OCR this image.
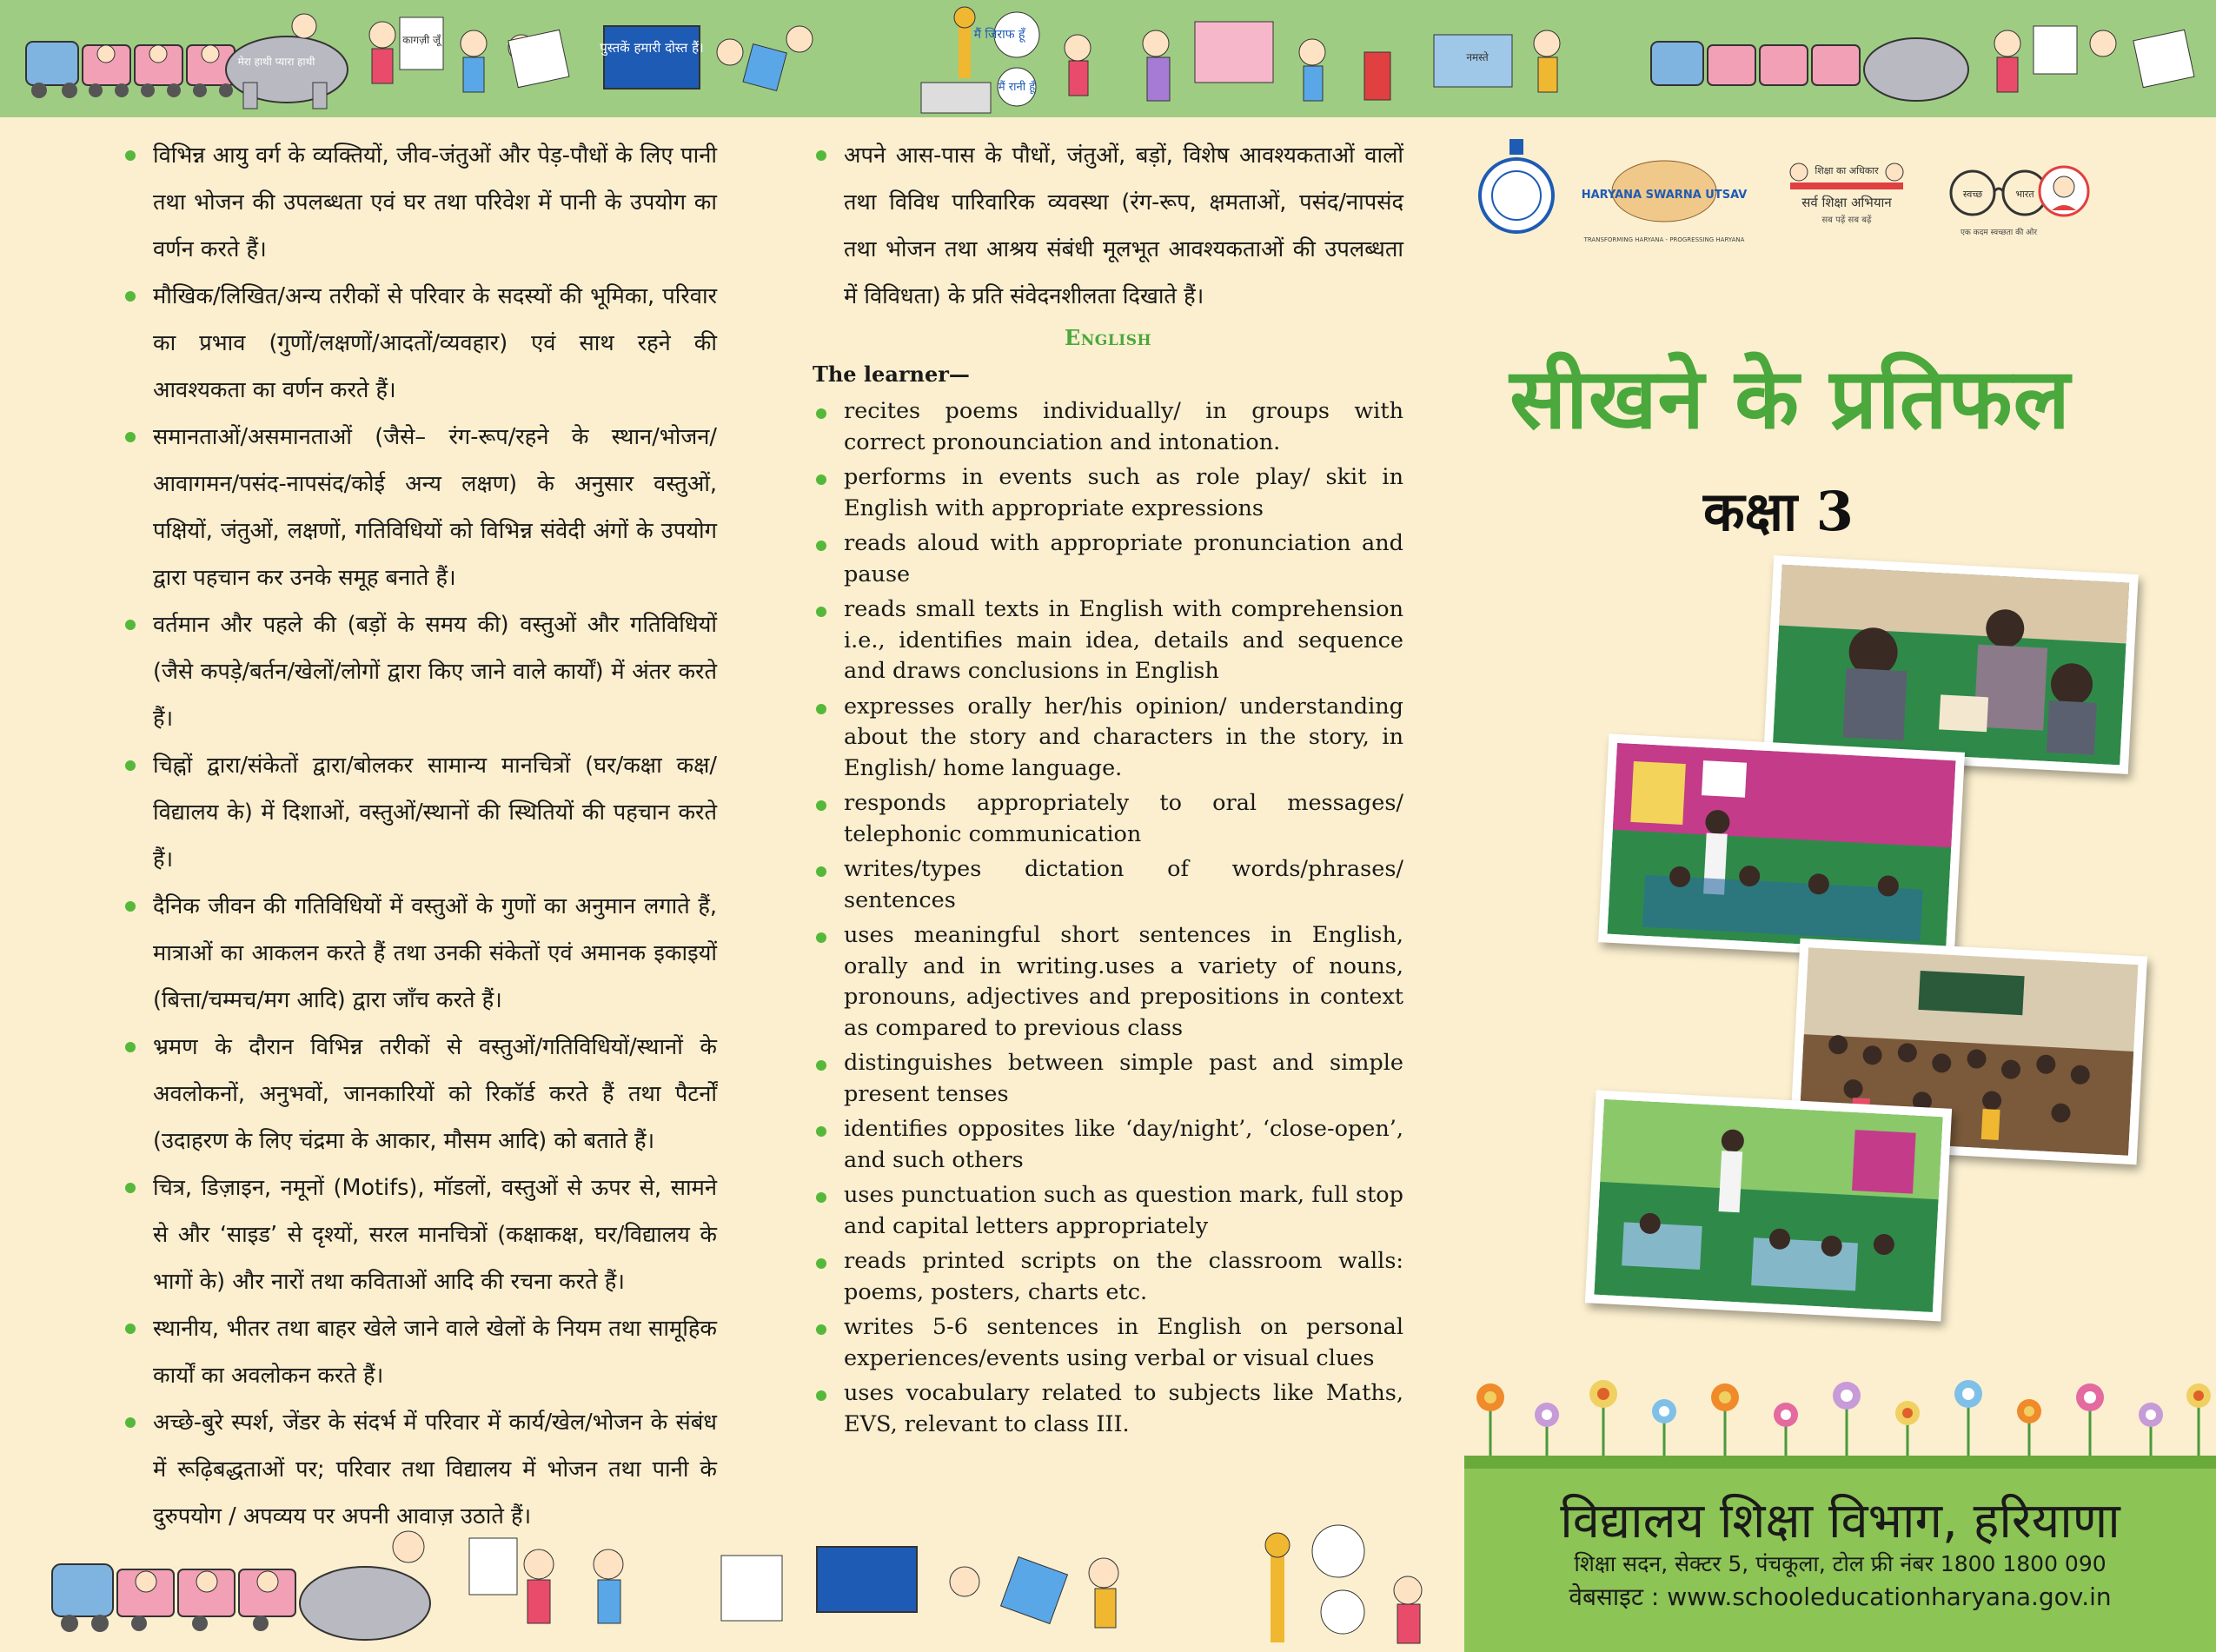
पुस्तकें हमारी दोस्त हैं।
मैं जिराफ हूँ
मैं रानी हूँ
मेरा हाथी प्यारा हाथी
कागज़ी जूँ
नमस्ते
विभिन्न आयु वर्ग के व्यक्तियों, जीव-जंतुओं और पेड़-पौधों के लिए पानी तथा भोजन की उपलब्धता एवं घर तथा परिवेश में पानी के उपयोग का वर्णन करते हैं।
मौखिक/लिखित/अन्य तरीकों से परिवार के सदस्यों की भूमिका, परिवार का प्रभाव (गुणों/लक्षणों/आदतों/व्यवहार) एवं साथ रहने की आवश्यकता का वर्णन करते हैं।
समानताओं/असमानताओं (जैसे– रंग-रूप/रहने के स्थान/भोजन/आवागमन/पसंद-नापसंद/कोई अन्य लक्षण) के अनुसार वस्तुओं, पक्षियों, जंतुओं, लक्षणों, गतिविधियों को विभिन्न संवेदी अंगों के उपयोग द्वारा पहचान कर उनके समूह बनाते हैं।
वर्तमान और पहले की (बड़ों के समय की) वस्तुओं और गतिविधियों (जैसे कपड़े/बर्तन/खेलों/लोगों द्वारा किए जाने वाले कार्यों) में अंतर करते हैं।
चिह्नों द्वारा/संकेतों द्वारा/बोलकर सामान्य मानचित्रों (घर/कक्षा कक्ष/विद्यालय के) में दिशाओं, वस्तुओं/स्थानों की स्थितियों की पहचान करते हैं।
दैनिक जीवन की गतिविधियों में वस्तुओं के गुणों का अनुमान लगाते हैं, मात्राओं का आकलन करते हैं तथा उनकी संकेतों एवं अमानक इकाइयों (बित्ता/चम्मच/मग आदि) द्वारा जाँच करते हैं।
भ्रमण के दौरान विभिन्न तरीकों से वस्तुओं/गतिविधियों/स्थानों के अवलोकनों, अनुभवों, जानकारियों को रिकॉर्ड करते हैं तथा पैटर्नों (उदाहरण के लिए चंद्रमा के आकार, मौसम आदि) को बताते हैं।
चित्र, डिज़ाइन, नमूनों (Motifs), मॉडलों, वस्तुओं से ऊपर से, सामने से और ‘साइड’ से दृश्यों, सरल मानचित्रों (कक्षाकक्ष, घर/विद्यालय के भागों के) और नारों तथा कविताओं आदि की रचना करते हैं।
स्थानीय, भीतर तथा बाहर खेले जाने वाले खेलों के नियम तथा सामूहिक कार्यों का अवलोकन करते हैं।
अच्छे-बुरे स्पर्श, जेंडर के संदर्भ में परिवार में कार्य/खेल/भोजन के संबंध में रूढ़िबद्धताओं पर; परिवार तथा विद्यालय में भोजन तथा पानी के दुरुपयोग / अपव्यय पर अपनी आवाज़ उठाते हैं।
अपने आस-पास के पौधों, जंतुओं, बड़ों, विशेष आवश्यकताओं वालों तथा विविध पारिवारिक व्यवस्था (रंग-रूप, क्षमताओं, पसंद/नापसंद तथा भोजन तथा आश्रय संबंधी मूलभूत आवश्यकताओं की उपलब्धता में विविधता) के प्रति संवेदनशीलता दिखाते हैं।
English
The learner—
recites poems individually/ in groups with correct pronounciation and intonation.
performs in events such as role play/ skit in English with appropriate expressions
reads aloud with appropriate pronunciation and pause
reads small texts in English with comprehension i.e., identifies main idea, details and sequence and draws conclusions in English
expresses orally her/his opinion/ understanding about the story and characters in the story, in English/ home language.
responds appropriately to oral messages/ telephonic communication
writes/types dictation of words/phrases/ sentences
uses meaningful short sentences in English, orally and in writing.uses a variety of nouns, pronouns, adjectives and prepositions in context as compared to previous class
distinguishes between simple past and simple present tenses
identifies opposites like ‘day/night’, ‘close-open’, and such others
uses punctuation such as question mark, full stop and capital letters appropriately
reads printed scripts on the classroom walls: poems, posters, charts etc.
writes 5-6 sentences in English on personal experiences/events using verbal or visual clues
uses vocabulary related to subjects like Maths, EVS, relevant to class III.
HARYANA SWARNA UTSAV
TRANSFORMING HARYANA - PROGRESSING HARYANA
शिक्षा का अधिकार
सर्व शिक्षा अभियान
सब पढ़ें सब बढ़ें
स्वच्छ	भारत
एक कदम स्वच्छता की ओर
सीखने के प्रतिफल
कक्षा 3
विद्यालय शिक्षा विभाग, हरियाणा
शिक्षा सदन, सेक्टर 5, पंचकूला, टोल फ्री नंबर 1800 1800 090
वेबसाइट : www.schooleducationharyana.gov.in
